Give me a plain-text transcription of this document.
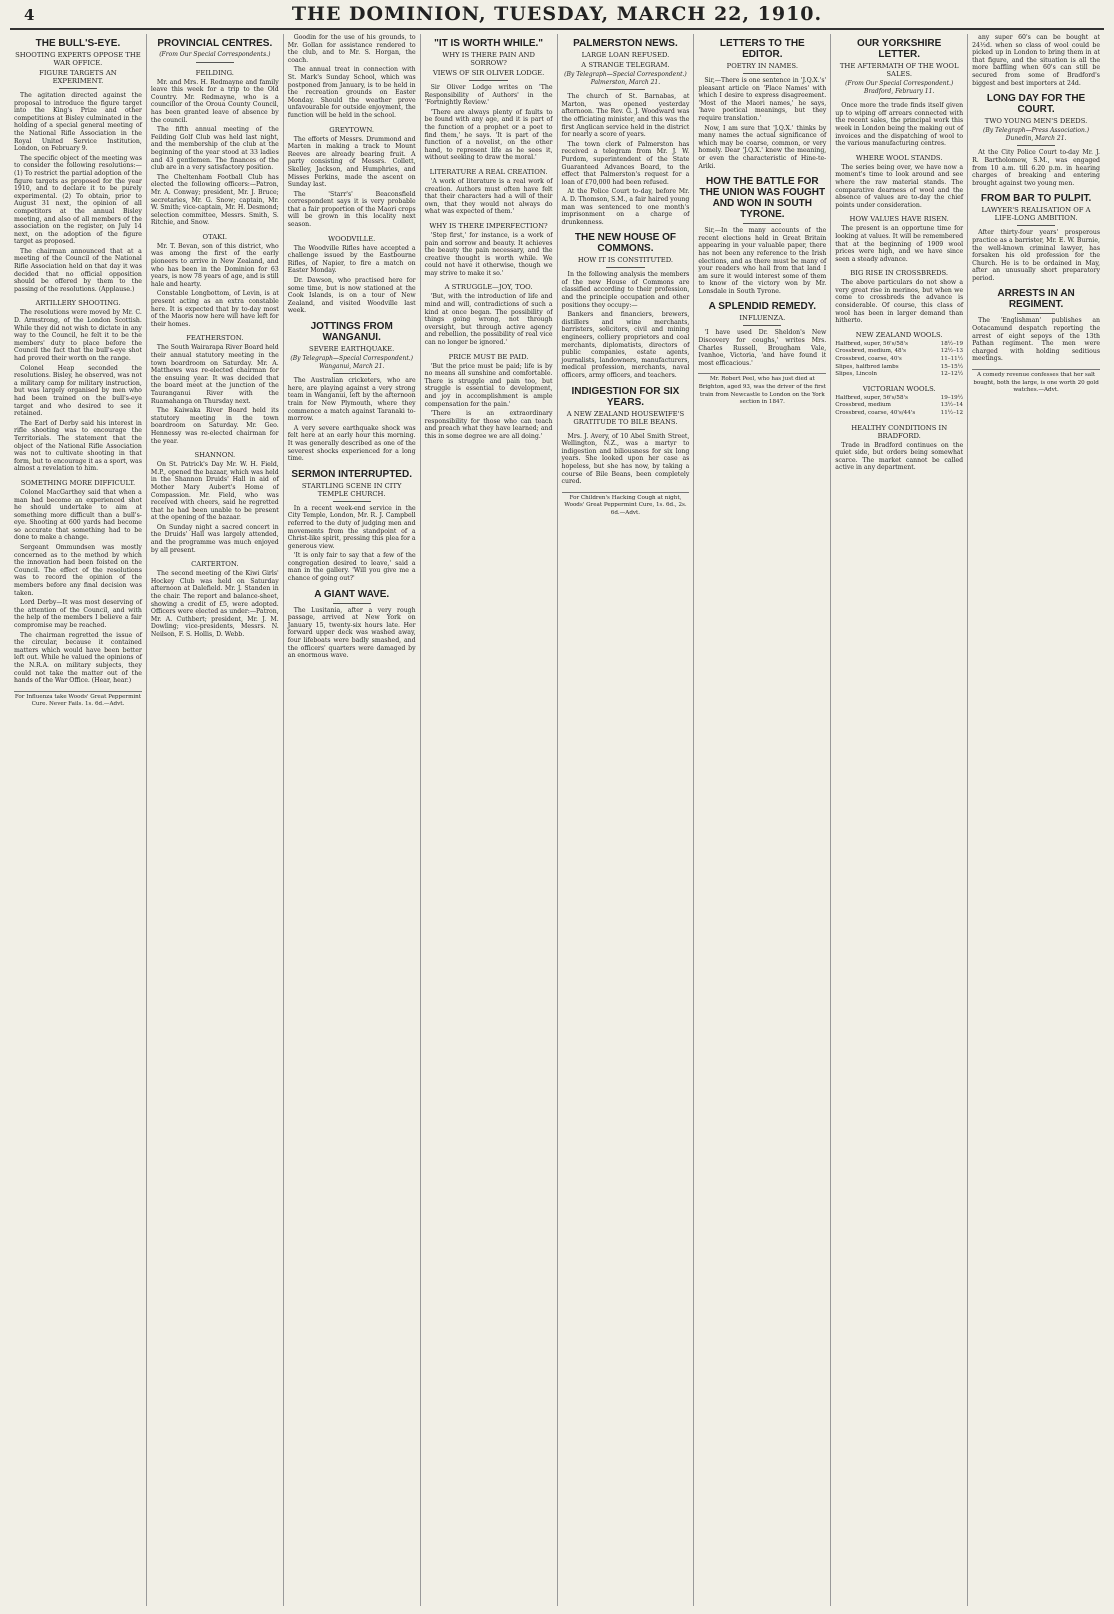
4	THE DOMINION, TUESDAY, MARCH 22, 1910.
THE BULL'S-EYE.
SHOOTING EXPERTS OPPOSE THE WAR OFFICE.
FIGURE TARGETS AN EXPERIMENT.

The agitation directed against the proposal to introduce the figure target into the King's Prize and other competitions at Bisley culminated in the holding of a special general meeting of the National Rifle Association in the Royal United Service Institution, London, on February 9.

The specific object of the meeting was to consider the following resolutions:—(1) To restrict the partial adoption of the figure targets as proposed for the year 1910, and to declare it to be purely experimental. (2) To obtain, prior to August 31 next, the opinion of all competitors at the annual Bisley meeting, and also of all members of the association on the register, on July 14 next, on the adoption of the figure target as proposed.

The chairman announced that at a meeting of the Council of the National Rifle Association held on that day it was decided that no official opposition should be offered by them to the passing of the resolutions. (Applause.)

ARTILLERY SHOOTING.

The resolutions were moved by Mr. C. D. Armstrong, of the London Scottish. While they did not wish to dictate in any way to the Council, he felt it to be the members' duty to place before the Council the fact that the bull's-eye shot had proved their worth on the range.

Colonel Heap seconded the resolutions. Bisley, he observed, was not a military camp for military instruction, but was largely organised by men who had been trained on the bull's-eye target and who desired to see it retained.

The Earl of Derby said his interest in rifle shooting was to encourage the Territorials. The statement that the object of the National Rifle Association was not to cultivate shooting in that form, but to encourage it as a sport, was almost a revelation to him.

SOMETHING MORE DIFFICULT.

Colonel MacGarthey said that when a man had become an experienced shot he should undertake to aim at something more difficult than a bull's-eye. Shooting at 600 yards had become so accurate that something had to be done to make a change.

Sergeant Ommundsen was mostly concerned as to the method by which the innovation had been foisted on the Council. The effect of the resolutions was to record the opinion of the members before any final decision was taken.

Lord Derby—It was most deserving of the attention of the Council, and with the help of the members I believe a fair compromise may be reached.

The chairman regretted the issue of the circular, because it contained matters which would have been better left out. While he valued the opinions of the N.R.A. on military subjects, they could not take the matter out of the hands of the War Office. (Hear, hear.)

For Influenza take Woods' Great Peppermint Cure. Never Fails. 1s. 6d.—Advt.
PROVINCIAL CENTRES.
(From Our Special Correspondents.)
FEILDING.

Mr. and Mrs. H. Redmayne and family leave this week for a trip to the Old Country. Mr. Redmayne, who is a councillor of the Oroua County Council, has been granted leave of absence by the council.

The fifth annual meeting of the Feilding Golf Club was held last night, and the membership of the club at the beginning of the year stood at 33 ladies and 43 gentlemen. The finances of the club are in a very satisfactory position.

The Cheltenham Football Club has elected the following officers:—Patron, Mr. A. Conway; president, Mr. J. Bruce; secretaries, Mr. G. Snow; captain, Mr. W. Smith; vice-captain, Mr. H. Desmond; selection committee, Messrs. Smith, S. Ritchie, and Snow.

OTAKI.

Mr. T. Bevan, son of this district, who was among the first of the early pioneers to arrive in New Zealand, and who has been in the Dominion for 63 years, is now 78 years of age, and is still hale and hearty.

Constable Longbottom, of Levin, is at present acting as an extra constable here. It is expected that by to-day most of the Maoris now here will have left for their homes.

FEATHERSTON.

The South Wairarapa River Board held their annual statutory meeting in the town boardroom on Saturday. Mr. A. Matthews was re-elected chairman for the ensuing year. It was decided that the board meet at the junction of the Tauranganui River with the Ruamahanga on Thursday next.

The Kaiwaka River Board held its statutory meeting in the town boardroom on Saturday. Mr. Geo. Hennessy was re-elected chairman for the year.

SHANNON.

On St. Patrick's Day Mr. W. H. Field, M.P., opened the bazaar, which was held in the Shannon Druids' Hall in aid of Mother Mary Aubert's Home of Compassion. Mr. Field, who was received with cheers, said he regretted that he had been unable to be present at the opening of the bazaar.

On Sunday night a sacred concert in the Druids' Hall was largely attended, and the programme was much enjoyed by all present.

CARTERTON.

The second meeting of the Kiwi Girls' Hockey Club was held on Saturday afternoon at Dalefield. Mr. J. Standen in the chair. The report and balance-sheet, showing a credit of £5, were adopted. Officers were elected as under:—Patron, Mr. A. Cuthbert; president, Mr. J. M. Dowling; vice-presidents, Messrs. N. Neilson, F. S. Hollis, D. Webb.

Goodin for the use of his grounds, to Mr. Gollan for assistance rendered to the club, and to Mr. S. Horgan, the coach.

The annual treat in connection with St. Mark's Sunday School, which was postponed from January, is to be held in the recreation grounds on Easter Monday. Should the weather prove unfavourable for outside enjoyment, the function will be held in the school.

GREYTOWN.

The efforts of Messrs. Drummond and Marten in making a track to Mount Reeves are already bearing fruit. A party consisting of Messrs. Collett, Skelley, Jackson, and Humphries, and Misses Perkins, made the ascent on Sunday last.

The 'Starr's' Beaconsfield correspondent says it is very probable that a fair proportion of the Maori crops will be grown in this locality next season.

WOODVILLE.

The Woodville Rifles have accepted a challenge issued by the Eastbourne Rifles, of Napier, to fire a match on Easter Monday.

Dr. Dawson, who practised here for some time, but is now stationed at the Cook Islands, is on a tour of New Zealand, and visited Woodville last week.

JOTTINGS FROM WANGANUI.
SEVERE EARTHQUAKE.
(By Telegraph—Special Correspondent.) Wanganui, March 21.

The Australian cricketers, who are here, are playing against a very strong team in Wanganui, left by the afternoon train for New Plymouth, where they commence a match against Taranaki to-morrow.

A very severe earthquake shock was felt here at an early hour this morning. It was generally described as one of the severest shocks experienced for a long time.

SERMON INTERRUPTED.
STARTLING SCENE IN CITY TEMPLE CHURCH.

In a recent week-end service in the City Temple, London, Mr. R. J. Campbell referred to the duty of judging men and movements from the standpoint of a Christ-like spirit, pressing this plea for a generous view.

'It is only fair to say that a few of the congregation desired to leave,' said a man in the gallery. 'Will you give me a chance of going out?'

A GIANT WAVE.

The Lusitania, after a very rough passage, arrived at New York on January 15, twenty-six hours late. Her forward upper deck was washed away, four lifeboats were badly smashed, and the officers' quarters were damaged by an enormous wave.

"IT IS WORTH WHILE."
WHY IS THERE PAIN AND SORROW?
VIEWS OF SIR OLIVER LODGE.

Sir Oliver Lodge writes on 'The Responsibility of Authors' in the 'Fortnightly Review.'

'There are always plenty of faults to be found with any age, and it is part of the function of a prophet or a poet to find them,' he says. 'It is part of the function of a novelist, on the other hand, to represent life as he sees it, without seeking to draw the moral.'

LITERATURE A REAL CREATION.

'A work of literature is a real work of creation. Authors must often have felt that their characters had a will of their own, that they would not always do what was expected of them.'

WHY IS THERE IMPERFECTION?

'Step first,' for instance, is a work of pain and sorrow and beauty. It achieves the beauty the pain necessary, and the creative thought is worth while. We could not have it otherwise, though we may strive to make it so.'

A STRUGGLE—JOY, TOO.

'But, with the introduction of life and mind and will, contradictions of such a kind at once began. The possibility of things going wrong, not through oversight, but through active agency and rebellion, the possibility of real vice can no longer be ignored.'

PRICE MUST BE PAID.

'But the price must be paid; life is by no means all sunshine and comfortable. There is struggle and pain too, but struggle is essential to development, and joy in accomplishment is ample compensation for the pain.'

'There is an extraordinary responsibility for those who can teach and preach what they have learned; and this in some degree we are all doing.'

PALMERSTON NEWS.
LARGE LOAN REFUSED.
A STRANGE TELEGRAM.
(By Telegraph—Special Correspondent.) Palmerston, March 21.

The church of St. Barnabas, at Marton, was opened yesterday afternoon. The Rev. G. J. Woodward was the officiating minister, and this was the first Anglican service held in the district for nearly a score of years.

The town clerk of Palmerston has received a telegram from Mr. J. W. Purdom, superintendent of the State Guaranteed Advances Board, to the effect that Palmerston's request for a loan of £70,000 had been refused.

At the Police Court to-day, before Mr. A. D. Thomson, S.M., a fair haired young man was sentenced to one month's imprisonment on a charge of drunkenness.

THE NEW HOUSE OF COMMONS.
HOW IT IS CONSTITUTED.

In the following analysis the members of the new House of Commons are classified according to their profession, and the principle occupation and other positions they occupy:—

Bankers and financiers, brewers, distillers and wine merchants, barristers, solicitors, civil and mining engineers, colliery proprietors and coal merchants, diplomatists, directors of public companies, estate agents, journalists, landowners, manufacturers, medical profession, merchants, naval officers, army officers, and teachers.

INDIGESTION FOR SIX YEARS.
A NEW ZEALAND HOUSEWIFE'S GRATITUDE TO BILE BEANS.

Mrs. J. Avery, of 10 Abel Smith Street, Wellington, N.Z., was a martyr to indigestion and biliousness for six long years. She looked upon her case as hopeless, but she has now, by taking a course of Bile Beans, been completely cured.

For Children's Hacking Cough at night, Woods' Great Peppermint Cure, 1s. 6d., 2s. 6d.—Advt.
LETTERS TO THE EDITOR.
POETRY IN NAMES.

Sir,—There is one sentence in 'J.Q.X.'s' pleasant article on 'Place Names' with which I desire to express disagreement. 'Most of the Maori names,' he says, 'have poetical meanings, but they require translation.'

Now, I am sure that 'J.Q.X.' thinks by many names the actual significance of which may be coarse, common, or very homely. Dear 'J.Q.X.' knew the meaning, or even the characteristic of Hine-te-Ariki.

HOW THE BATTLE FOR THE UNION WAS FOUGHT AND WON IN SOUTH TYRONE.

Sir,—In the many accounts of the recent elections held in Great Britain appearing in your valuable paper, there has not been any reference to the Irish elections, and as there must be many of your readers who hail from that land I am sure it would interest some of them to know of the victory won by Mr. Lonsdale in South Tyrone.

A SPLENDID REMEDY.
INFLUENZA.

'I have used Dr. Sheldon's New Discovery for coughs,' writes Mrs. Charles Russell, Brougham Vale, Ivanhoe, Victoria, 'and have found it most efficacious.'

Mr. Robert Peel, who has just died at Brighton, aged 93, was the driver of the first train from Newcastle to London on the York section in 1847.
OUR YORKSHIRE LETTER.
THE AFTERMATH OF THE WOOL SALES.
(From Our Special Correspondent.) Bradford, February 11.

Once more the trade finds itself given up to wiping off arrears connected with the recent sales, the principal work this week in London being the making out of invoices and the dispatching of wool to the various manufacturing centres.

WHERE WOOL STANDS.

The series being over, we have now a moment's time to look around and see where the raw material stands. The comparative dearness of wool and the absence of values are to-day the chief points under consideration.

HOW VALUES HAVE RISEN.

The present is an opportune time for looking at values. It will be remembered that at the beginning of 1909 wool prices were high, and we have since seen a steady advance.

BIG RISE IN CROSSBREDS.

The above particulars do not show a very great rise in merinos, but when we come to crossbreds the advance is considerable. Of course, this class of wool has been in larger demand than hitherto.

NEW ZEALAND WOOLS.
Halfbred, super, 56's/58's	18½–19
Crossbred, medium, 48's	12½–13
Crossbred, coarse, 40's	11–11½
Slipes, halfbred lambs	15–15½
Slipes, Lincoln	12–12½
VICTORIAN WOOLS.
Halfbred, super, 56's/58's	19–19½
Crossbred, medium	13½–14
Crossbred, coarse, 40's/44's	11½–12
HEALTHY CONDITIONS IN BRADFORD.

Trade in Bradford continues on the quiet side, but orders being somewhat scarce. The market cannot be called active in any department.

any super 60's can be bought at 24½d. when so class of wool could be picked up in London to bring them in at that figure, and the situation is all the more baffling when 60's can still be secured from some of Bradford's biggest and best importers at 24d.

LONG DAY FOR THE COURT.
TWO YOUNG MEN'S DEEDS.
(By Telegraph—Press Association.) Dunedin, March 21.

At the City Police Court to-day Mr. J. R. Bartholomew, S.M., was engaged from 10 a.m. till 6.20 p.m. in hearing charges of breaking and entering brought against two young men.

FROM BAR TO PULPIT.
LAWYER'S REALISATION OF A LIFE-LONG AMBITION.

After thirty-four years' prosperous practice as a barrister, Mr. E. W. Burnie, the well-known criminal lawyer, has forsaken his old profession for the Church. He is to be ordained in May, after an unusually short preparatory period.

ARRESTS IN AN REGIMENT.

The 'Englishman' publishes an Ootacamund despatch reporting the arrest of eight sepoys of the 13th Pathan regiment. The men were charged with holding seditious meetings.

A comedy revenue confesses that her salt bought, both the large, is one worth 20 gold watches.—Advt.
